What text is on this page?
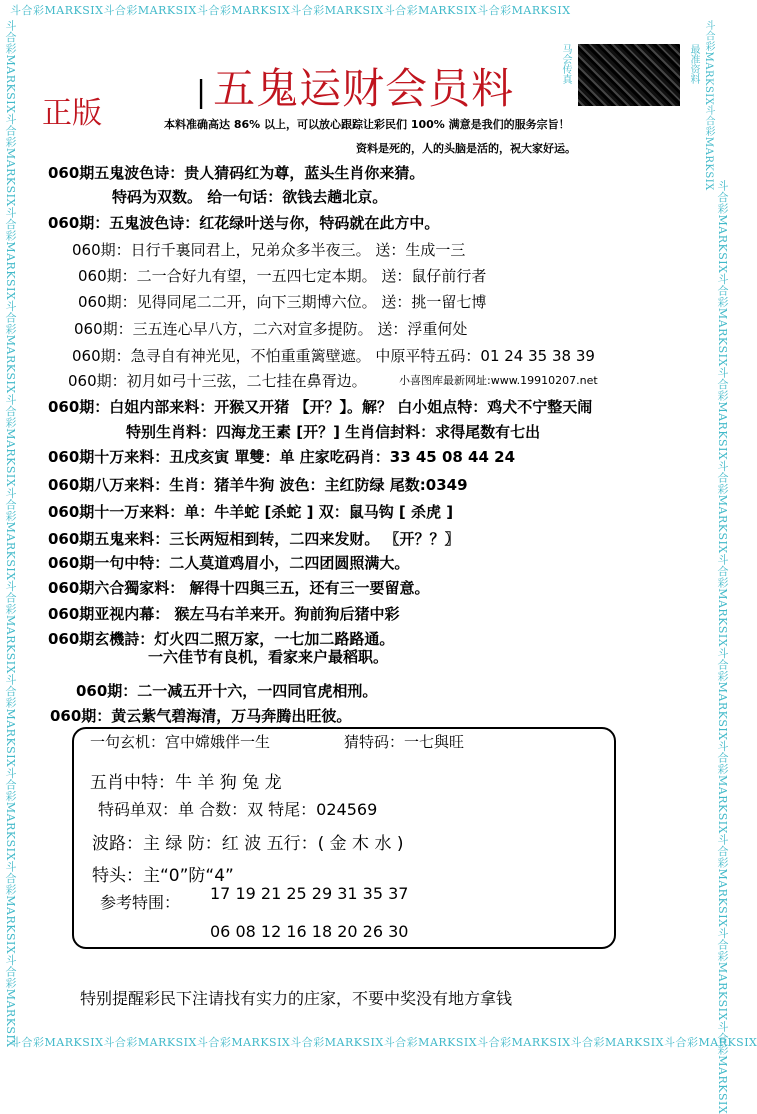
斗合彩MARKSIX斗合彩MARKSIX斗合彩MARKSIX斗合彩MARKSIX斗合彩MARKSIX斗合彩MARKSIX
斗合彩MARKSIX斗合彩MARKSIX斗合彩MARKSIX斗合彩MARKSIX斗合彩MARKSIX斗合彩MARKSIX斗合彩MARKSIX斗合彩MARKSIX
斗合彩MARKSIX斗合彩MARKSIX斗合彩MARKSIX斗合彩MARKSIX斗合彩MARKSIX斗合彩MARKSIX斗合彩MARKSIX斗合彩MARKSIX斗合彩MARKSIX斗合彩MARKSIX斗合彩MARKSIX
斗合彩MARKSIX斗合彩MARKSIX斗合彩MARKSIX斗合彩MARKSIX斗合彩MARKSIX斗合彩MARKSIX斗合彩MARKSIX斗合彩MARKSIX斗合彩MARKSIX斗合彩MARKSIX
斗合彩MARKSIX斗合彩MARKSIX
马会传真	最准资料
正版
| 五鬼运财会员料
本料准确高达 86% 以上，可以放心跟踪让彩民们 100% 满意是我们的服务宗旨！
资料是死的，人的头脑是活的，祝大家好运。
060期五鬼波色诗：贵人猜码红为尊，蓝头生肖你来猜。
特码为双数。 给一句话：欲钱去趟北京。
060期：五鬼波色诗：红花绿叶送与你，特码就在此方中。
060期：日行千裏同君上，兄弟众多半夜三。 送：生成一三
060期：二一合好九有望，一五四七定本期。 送：鼠仔前行者
060期：见得同尾二二开，向下三期博六位。 送：挑一留七博
060期：三五连心早八方，二六对宣多提防。 送：浮重何处
060期：急寻自有神光见，不怕重重篱壁遮。 中原平特五码：01 24 35 38 39
060期：初月如弓十三弦，二七挂在鼻胥边。	小喜图库最新网址:www.19910207.net
060期：白姐内部来料：开猴又开猪 【开？】。解？ 白小姐点特：鸡犬不宁整天闹
特别生肖料：四海龙王素 [开？] 生肖信封料：求得尾数有七出
060期十万来料：丑戌亥寅 單雙：单 庄家吃码肖：33 45 08 44 24
060期八万来料：生肖：猪羊牛狗 波色：主红防绿 尾数:0349
060期十一万来料：单：牛羊蛇 [杀蛇 ] 双：鼠马钩 [ 杀虎 ]
060期五鬼来料：三长两短相到转，二四来发财。 〖开？？〗
060期一句中特：二人莫道鸡眉小，二四团圆照满大。
060期六合獨家料： 解得十四與三五，还有三一要留意。
060期亚视内幕： 猴左马右羊来开。狗前狗后猪中彩
060期玄機詩：灯火四二照万家，一七加二路路通。
一六佳节有良机，看家来户最稻职。
060期：二一减五开十六，一四同官虎相刑。
060期：黄云紫气碧海清，万马奔腾出旺彼。
一句玄机：宫中嫦娥伴一生	猜特码：一七與旺
五肖中特：牛 羊 狗 兔 龙
特码单双：单 合数：双 特尾：024569
波路：主 绿 防：红 波 五行：( 金 木 水 )
特头：主“0”防“4”
参考特围： 17 19 21 25 29 31 35 37
06 08 12 16 18 20 26 30
特别提醒彩民下注请找有实力的庄家，不要中奖没有地方拿钱
